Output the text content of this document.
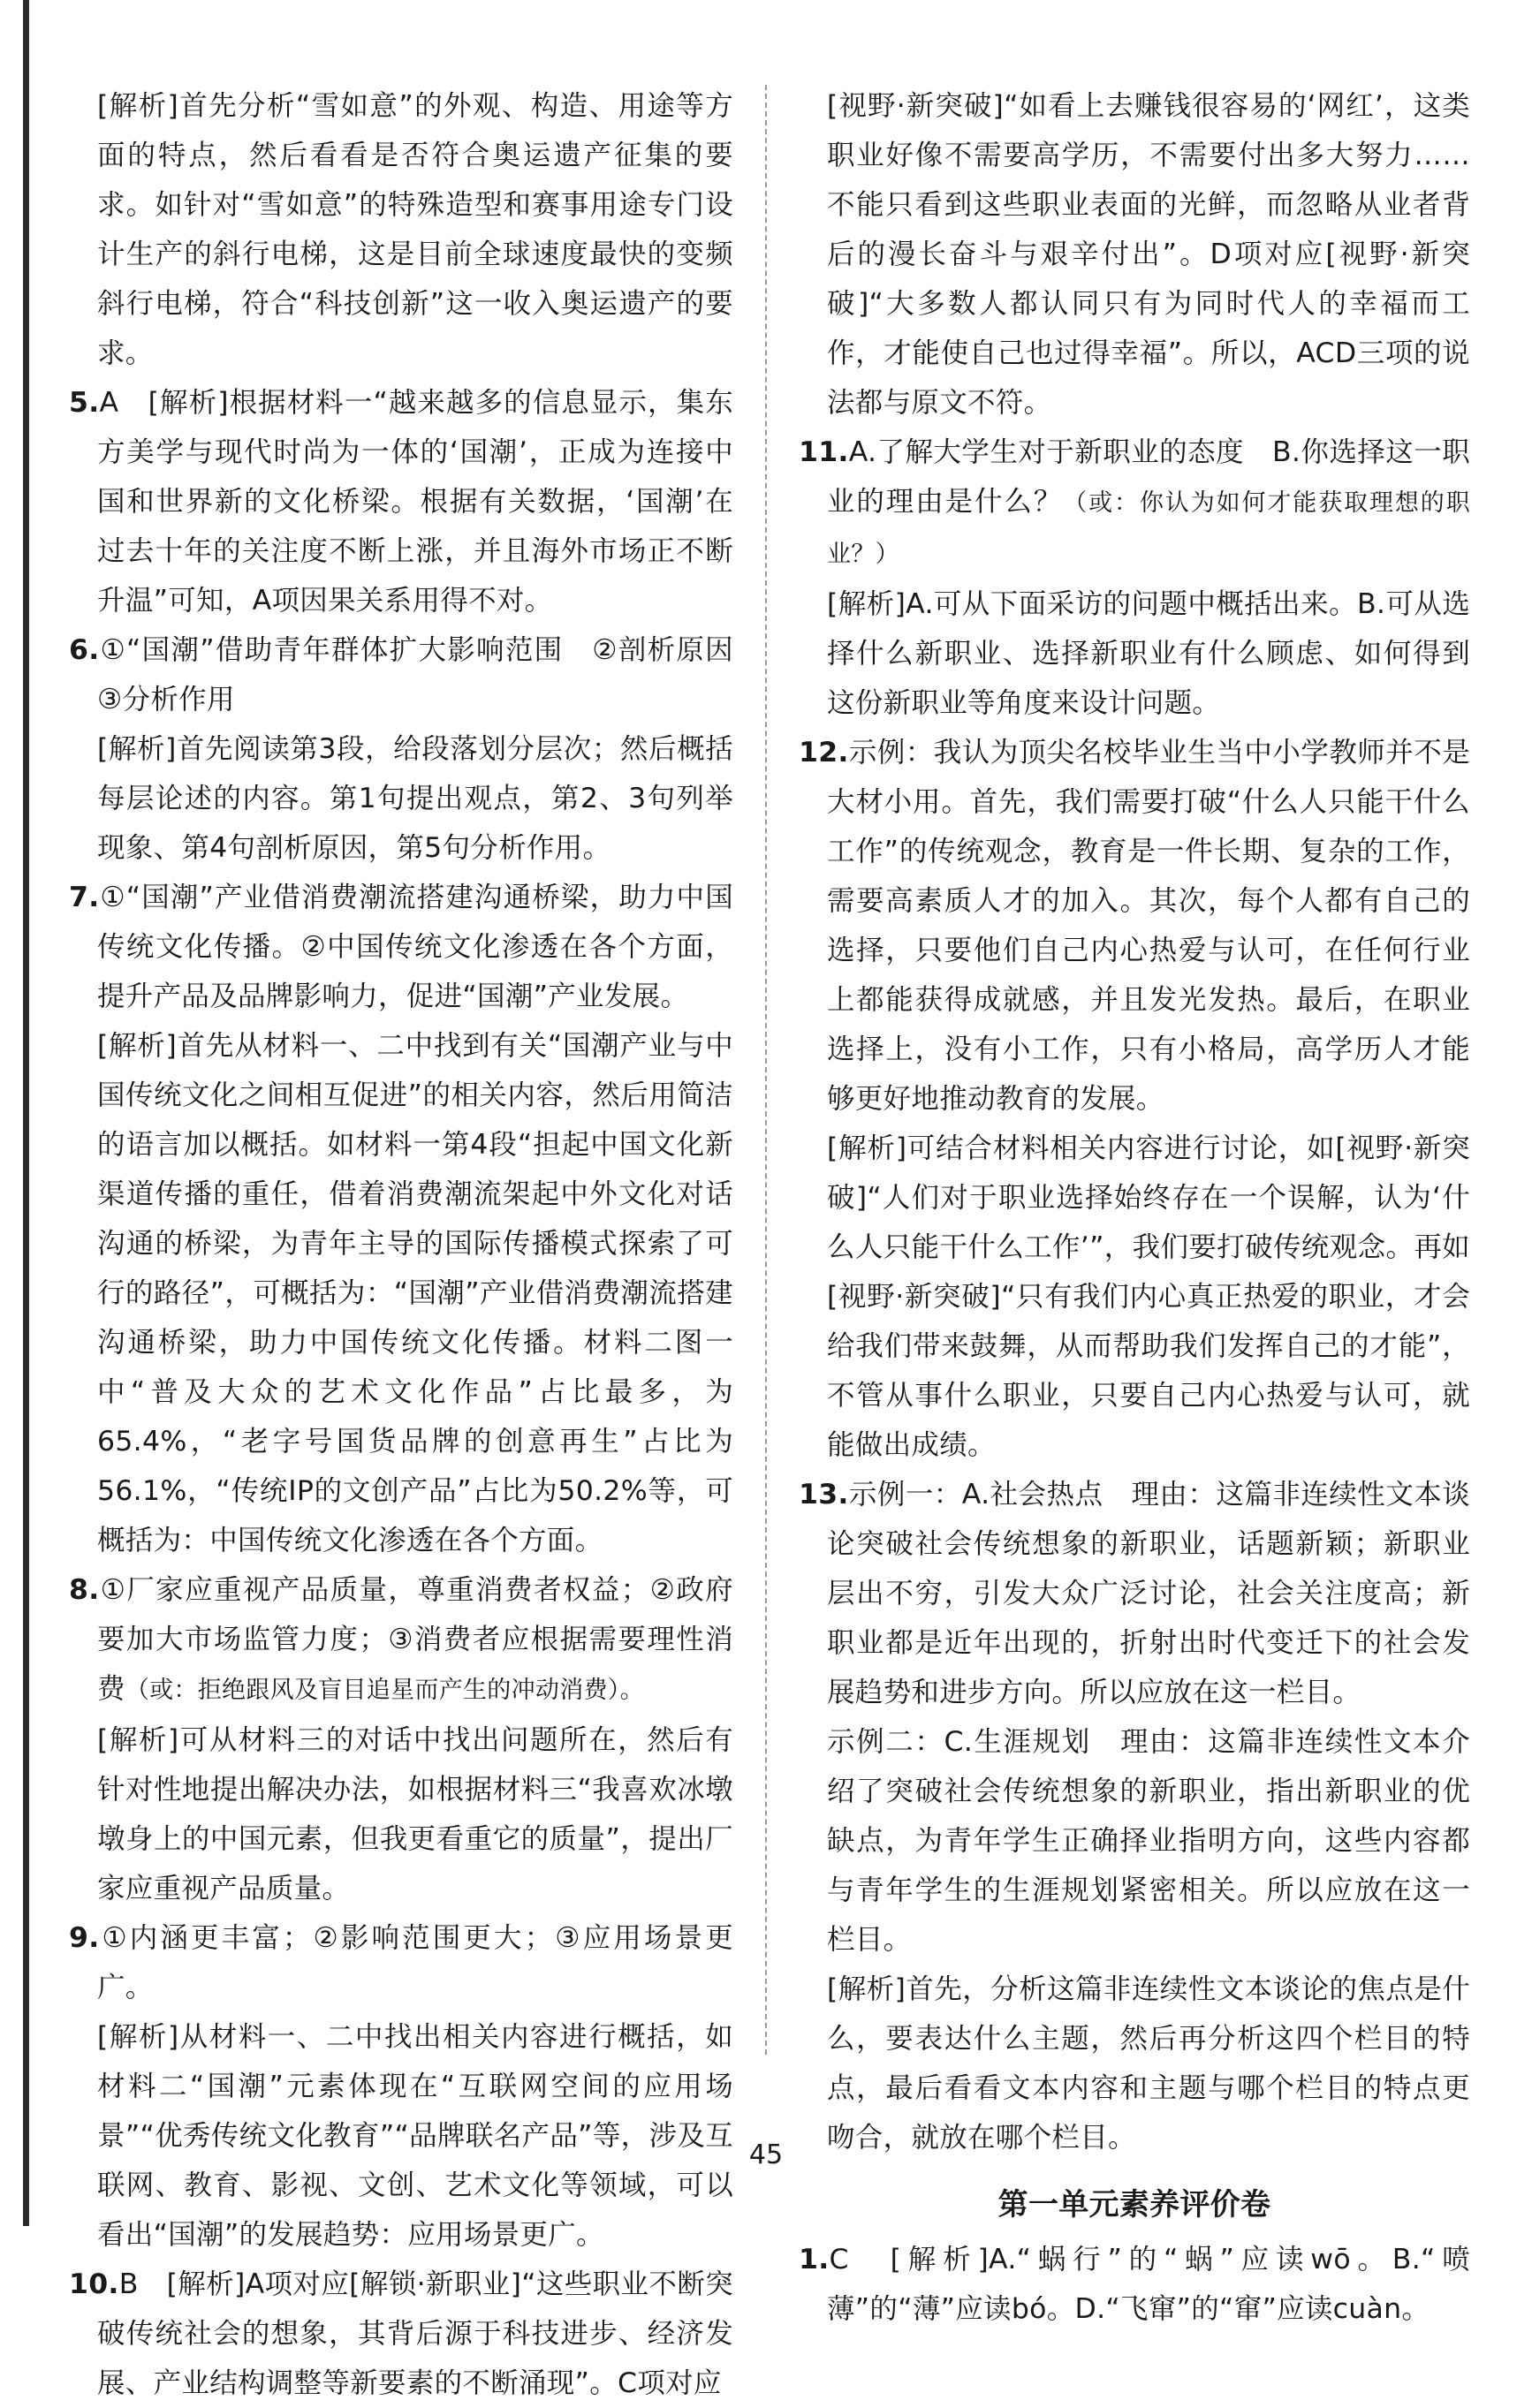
[解析]首先分析“雪如意”的外观、构造、用途等方面的特点，然后看看是否符合奥运遗产征集的要求。如针对“雪如意”的特殊造型和赛事用途专门设计生产的斜行电梯，这是目前全球速度最快的变频斜行电梯，符合“科技创新”这一收入奥运遗产的要求。

5.A　[解析]根据材料一“越来越多的信息显示，集东方美学与现代时尚为一体的‘国潮’，正成为连接中国和世界新的文化桥梁。根据有关数据，‘国潮’在过去十年的关注度不断上涨，并且海外市场正不断升温”可知，A项因果关系用得不对。

6.①“国潮”借助青年群体扩大影响范围　②剖析原因　③分析作用

[解析]首先阅读第3段，给段落划分层次；然后概括每层论述的内容。第1句提出观点，第2、3句列举现象、第4句剖析原因，第5句分析作用。

7.①“国潮”产业借消费潮流搭建沟通桥梁，助力中国传统文化传播。②中国传统文化渗透在各个方面，提升产品及品牌影响力，促进“国潮”产业发展。

[解析]首先从材料一、二中找到有关“国潮产业与中国传统文化之间相互促进”的相关内容，然后用简洁的语言加以概括。如材料一第4段“担起中国文化新渠道传播的重任，借着消费潮流架起中外文化对话沟通的桥梁，为青年主导的国际传播模式探索了可行的路径”，可概括为：“国潮”产业借消费潮流搭建沟通桥梁，助力中国传统文化传播。材料二图一中“普及大众的艺术文化作品”占比最多，为65.4%，“老字号国货品牌的创意再生”占比为56.1%，“传统IP的文创产品”占比为50.2%等，可概括为：中国传统文化渗透在各个方面。

8.①厂家应重视产品质量，尊重消费者权益；②政府要加大市场监管力度；③消费者应根据需要理性消费（或：拒绝跟风及盲目追星而产生的冲动消费）。

[解析]可从材料三的对话中找出问题所在，然后有针对性地提出解决办法，如根据材料三“我喜欢冰墩墩身上的中国元素，但我更看重它的质量”，提出厂家应重视产品质量。

9.①内涵更丰富；②影响范围更大；③应用场景更广。

[解析]从材料一、二中找出相关内容进行概括，如材料二“国潮”元素体现在“互联网空间的应用场景”“优秀传统文化教育”“品牌联名产品”等，涉及互联网、教育、影视、文创、艺术文化等领域，可以看出“国潮”的发展趋势：应用场景更广。

10.B　[解析]A项对应[解锁·新职业]“这些职业不断突破传统社会的想象，其背后源于科技进步、经济发展、产业结构调整等新要素的不断涌现”。C项对应

[视野·新突破]“如看上去赚钱很容易的‘网红’，这类职业好像不需要高学历，不需要付出多大努力……不能只看到这些职业表面的光鲜，而忽略从业者背后的漫长奋斗与艰辛付出”。D项对应[视野·新突破]“大多数人都认同只有为同时代人的幸福而工作，才能使自己也过得幸福”。所以，ACD三项的说法都与原文不符。

11.A.了解大学生对于新职业的态度　B.你选择这一职业的理由是什么？（或：你认为如何才能获取理想的职业？）

[解析]A.可从下面采访的问题中概括出来。B.可从选择什么新职业、选择新职业有什么顾虑、如何得到这份新职业等角度来设计问题。

12.示例：我认为顶尖名校毕业生当中小学教师并不是大材小用。首先，我们需要打破“什么人只能干什么工作”的传统观念，教育是一件长期、复杂的工作，需要高素质人才的加入。其次，每个人都有自己的选择，只要他们自己内心热爱与认可，在任何行业上都能获得成就感，并且发光发热。最后，在职业选择上，没有小工作，只有小格局，高学历人才能够更好地推动教育的发展。

[解析]可结合材料相关内容进行讨论，如[视野·新突破]“人们对于职业选择始终存在一个误解，认为‘什么人只能干什么工作’”，我们要打破传统观念。再如[视野·新突破]“只有我们内心真正热爱的职业，才会给我们带来鼓舞，从而帮助我们发挥自己的才能”，不管从事什么职业，只要自己内心热爱与认可，就能做出成绩。

13.示例一：A.社会热点　理由：这篇非连续性文本谈论突破社会传统想象的新职业，话题新颖；新职业层出不穷，引发大众广泛讨论，社会关注度高；新职业都是近年出现的，折射出时代变迁下的社会发展趋势和进步方向。所以应放在这一栏目。

示例二：C.生涯规划　理由：这篇非连续性文本介绍了突破社会传统想象的新职业，指出新职业的优缺点，为青年学生正确择业指明方向，这些内容都与青年学生的生涯规划紧密相关。所以应放在这一栏目。

[解析]首先，分析这篇非连续性文本谈论的焦点是什么，要表达什么主题，然后再分析这四个栏目的特点，最后看看文本内容和主题与哪个栏目的特点更吻合，就放在哪个栏目。

第一单元素养评价卷

1.C　[解析]A.“蜗行”的“蜗”应读wō。B.“喷薄”的“薄”应读bó。D.“飞窜”的“窜”应读cuàn。

45
